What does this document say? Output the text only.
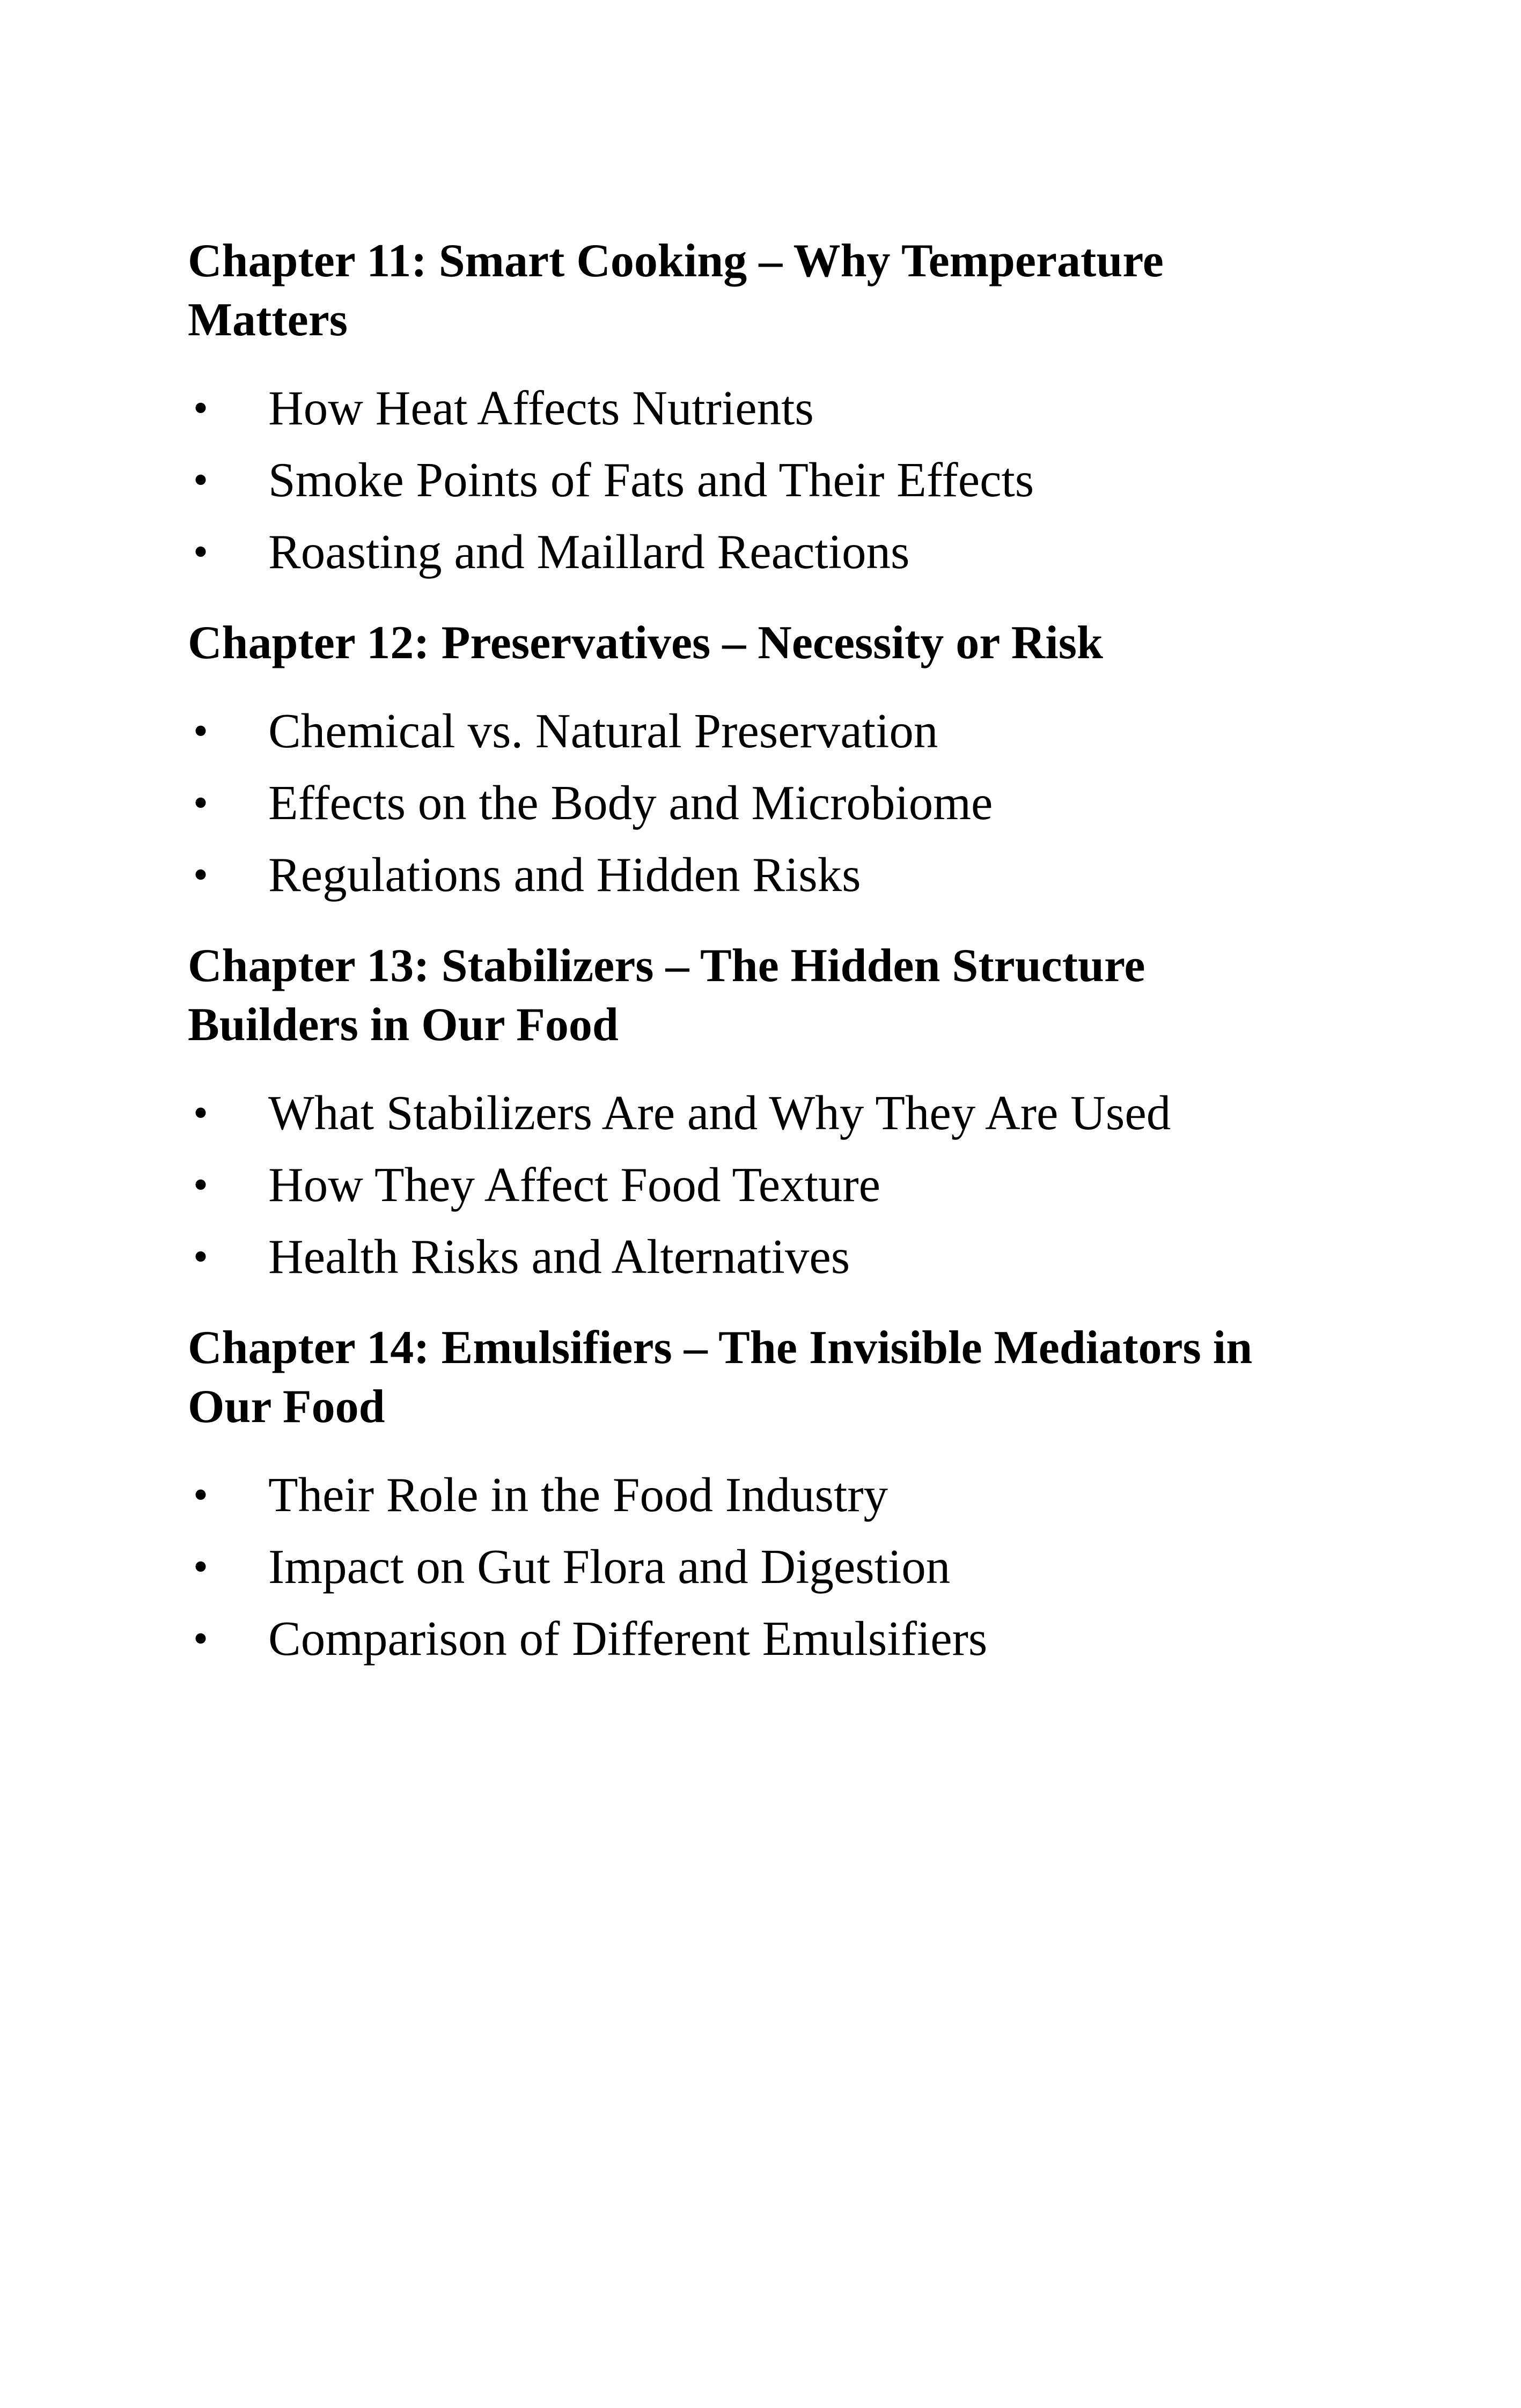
Chapter 11: Smart Cooking – Why Temperature Matters
• How Heat Affects Nutrients
• Smoke Points of Fats and Their Effects
• Roasting and Maillard Reactions
Chapter 12: Preservatives – Necessity or Risk
• Chemical vs. Natural Preservation
• Effects on the Body and Microbiome
• Regulations and Hidden Risks
Chapter 13: Stabilizers – The Hidden Structure Builders in Our Food
• What Stabilizers Are and Why They Are Used
• How They Affect Food Texture
• Health Risks and Alternatives
Chapter 14: Emulsifiers – The Invisible Mediators in Our Food
• Their Role in the Food Industry
• Impact on Gut Flora and Digestion
• Comparison of Different Emulsifiers
